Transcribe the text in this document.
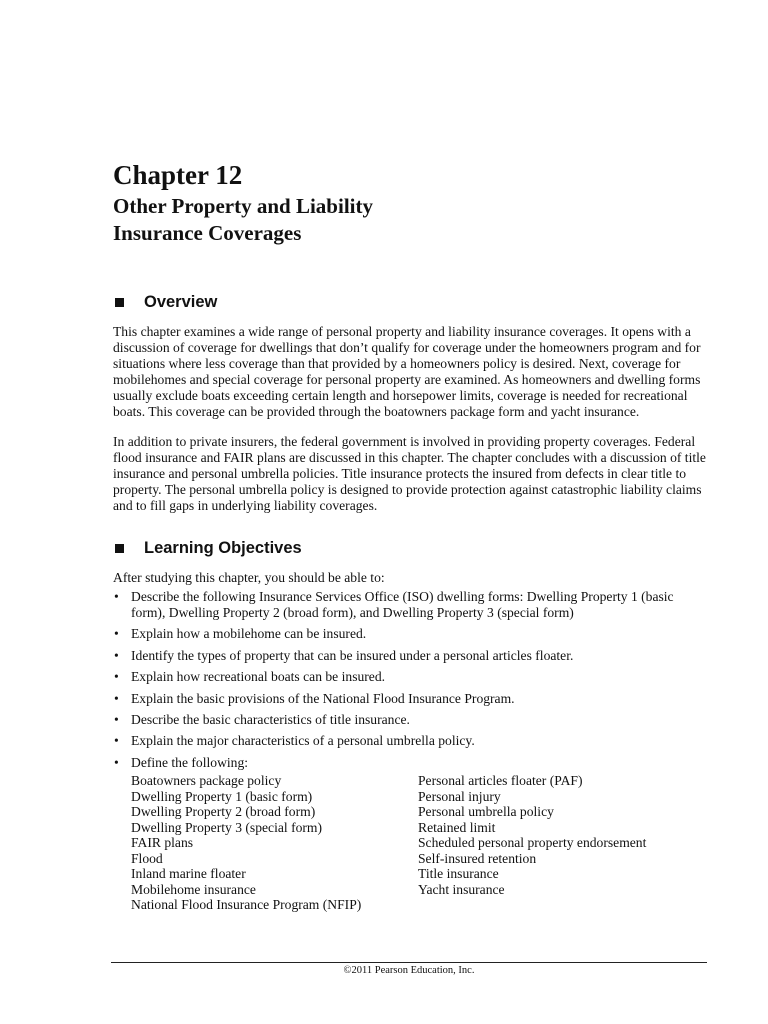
Chapter 12
Other Property and Liability
Insurance Coverages
Overview

This chapter examines a wide range of personal property and liability insurance coverages. It opens with a discussion of coverage for dwellings that don’t qualify for coverage under the homeowners program and for situations where less coverage than that provided by a homeowners policy is desired. Next, coverage for mobilehomes and special coverage for personal property are examined. As homeowners and dwelling forms usually exclude boats exceeding certain length and horsepower limits, coverage is needed for recreational boats. This coverage can be provided through the boatowners package form and yacht insurance.

In addition to private insurers, the federal government is involved in providing property coverages. Federal flood insurance and FAIR plans are discussed in this chapter. The chapter concludes with a discussion of title insurance and personal umbrella policies. Title insurance protects the insured from defects in clear title to property. The personal umbrella policy is designed to provide protection against catastrophic liability claims and to fill gaps in underlying liability coverages.

Learning Objectives

After studying this chapter, you should be able to:

• Describe the following Insurance Services Office (ISO) dwelling forms: Dwelling Property 1 (basic form), Dwelling Property 2 (broad form), and Dwelling Property 3 (special form)
• Explain how a mobilehome can be insured.
• Identify the types of property that can be insured under a personal articles floater.
• Explain how recreational boats can be insured.
• Explain the basic provisions of the National Flood Insurance Program.
• Describe the basic characteristics of title insurance.
• Explain the major characteristics of a personal umbrella policy.
• Define the following:
Boatowners package policy
Dwelling Property 1 (basic form)
Dwelling Property 2 (broad form)
Dwelling Property 3 (special form)
FAIR plans
Flood
Inland marine floater
Mobilehome insurance
National Flood Insurance Program (NFIP)
Personal articles floater (PAF)
Personal injury
Personal umbrella policy
Retained limit
Scheduled personal property endorsement
Self-insured retention
Title insurance
Yacht insurance

©2011 Pearson Education, Inc.
